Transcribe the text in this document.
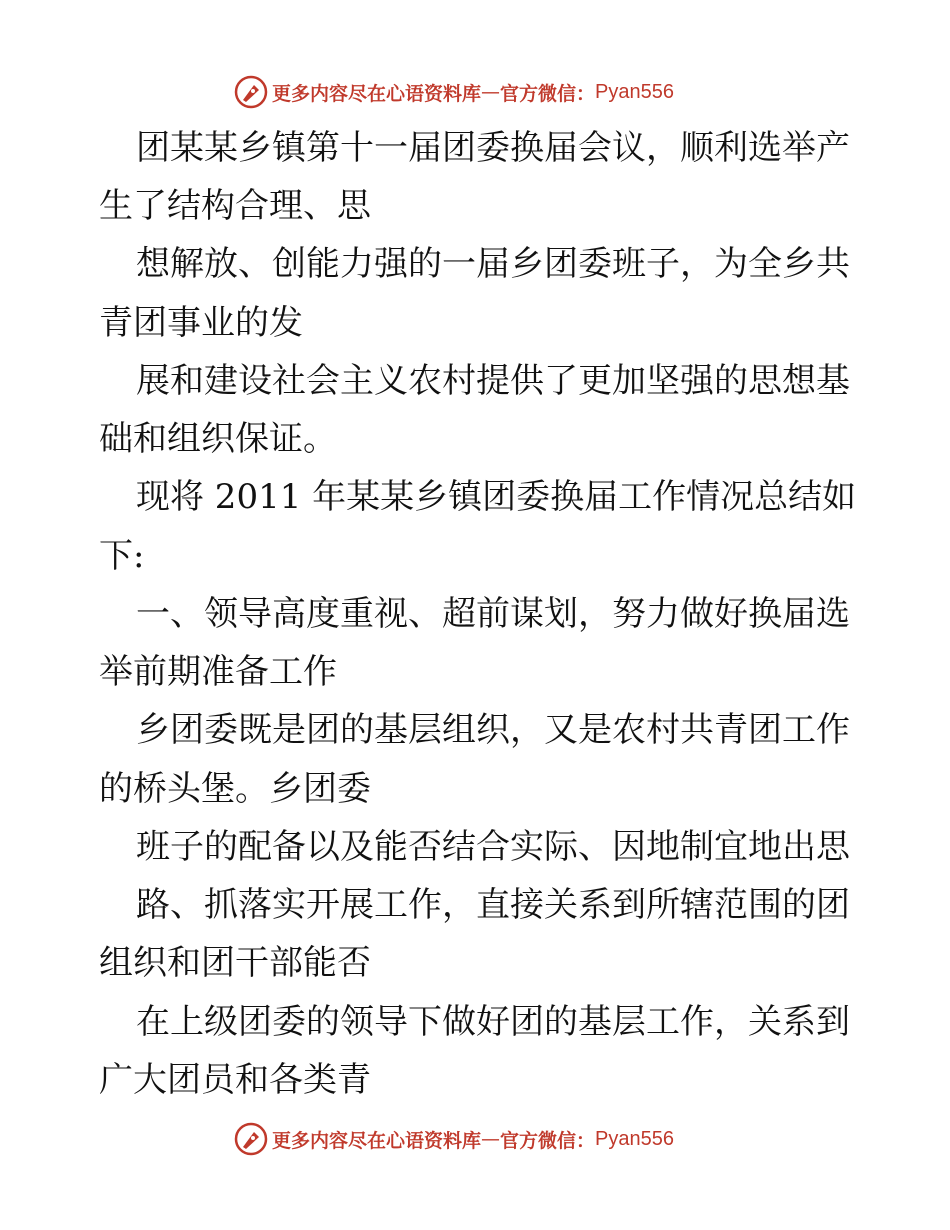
更多内容尽在心语资料库 — 官方微信： Pyan556
团某某乡镇第十一届团委换届会议，顺利选举产
生了结构合理、思
想解放、创能力强的一届乡团委班子，为全乡共
青团事业的发
展和建设社会主义农村提供了更加坚强的思想基
础和组织保证。
现将 2011 年某某乡镇团委换届工作情况总结如
下:
一、领导高度重视、超前谋划，努力做好换届选
举前期准备工作
乡团委既是团的基层组织，又是农村共青团工作
的桥头堡。乡团委
班子的配备以及能否结合实际、因地制宜地出思
路、抓落实开展工作，直接关系到所辖范围的团
组织和团干部能否
在上级团委的领导下做好团的基层工作，关系到
广大团员和各类青
更多内容尽在心语资料库 — 官方微信： Pyan556
